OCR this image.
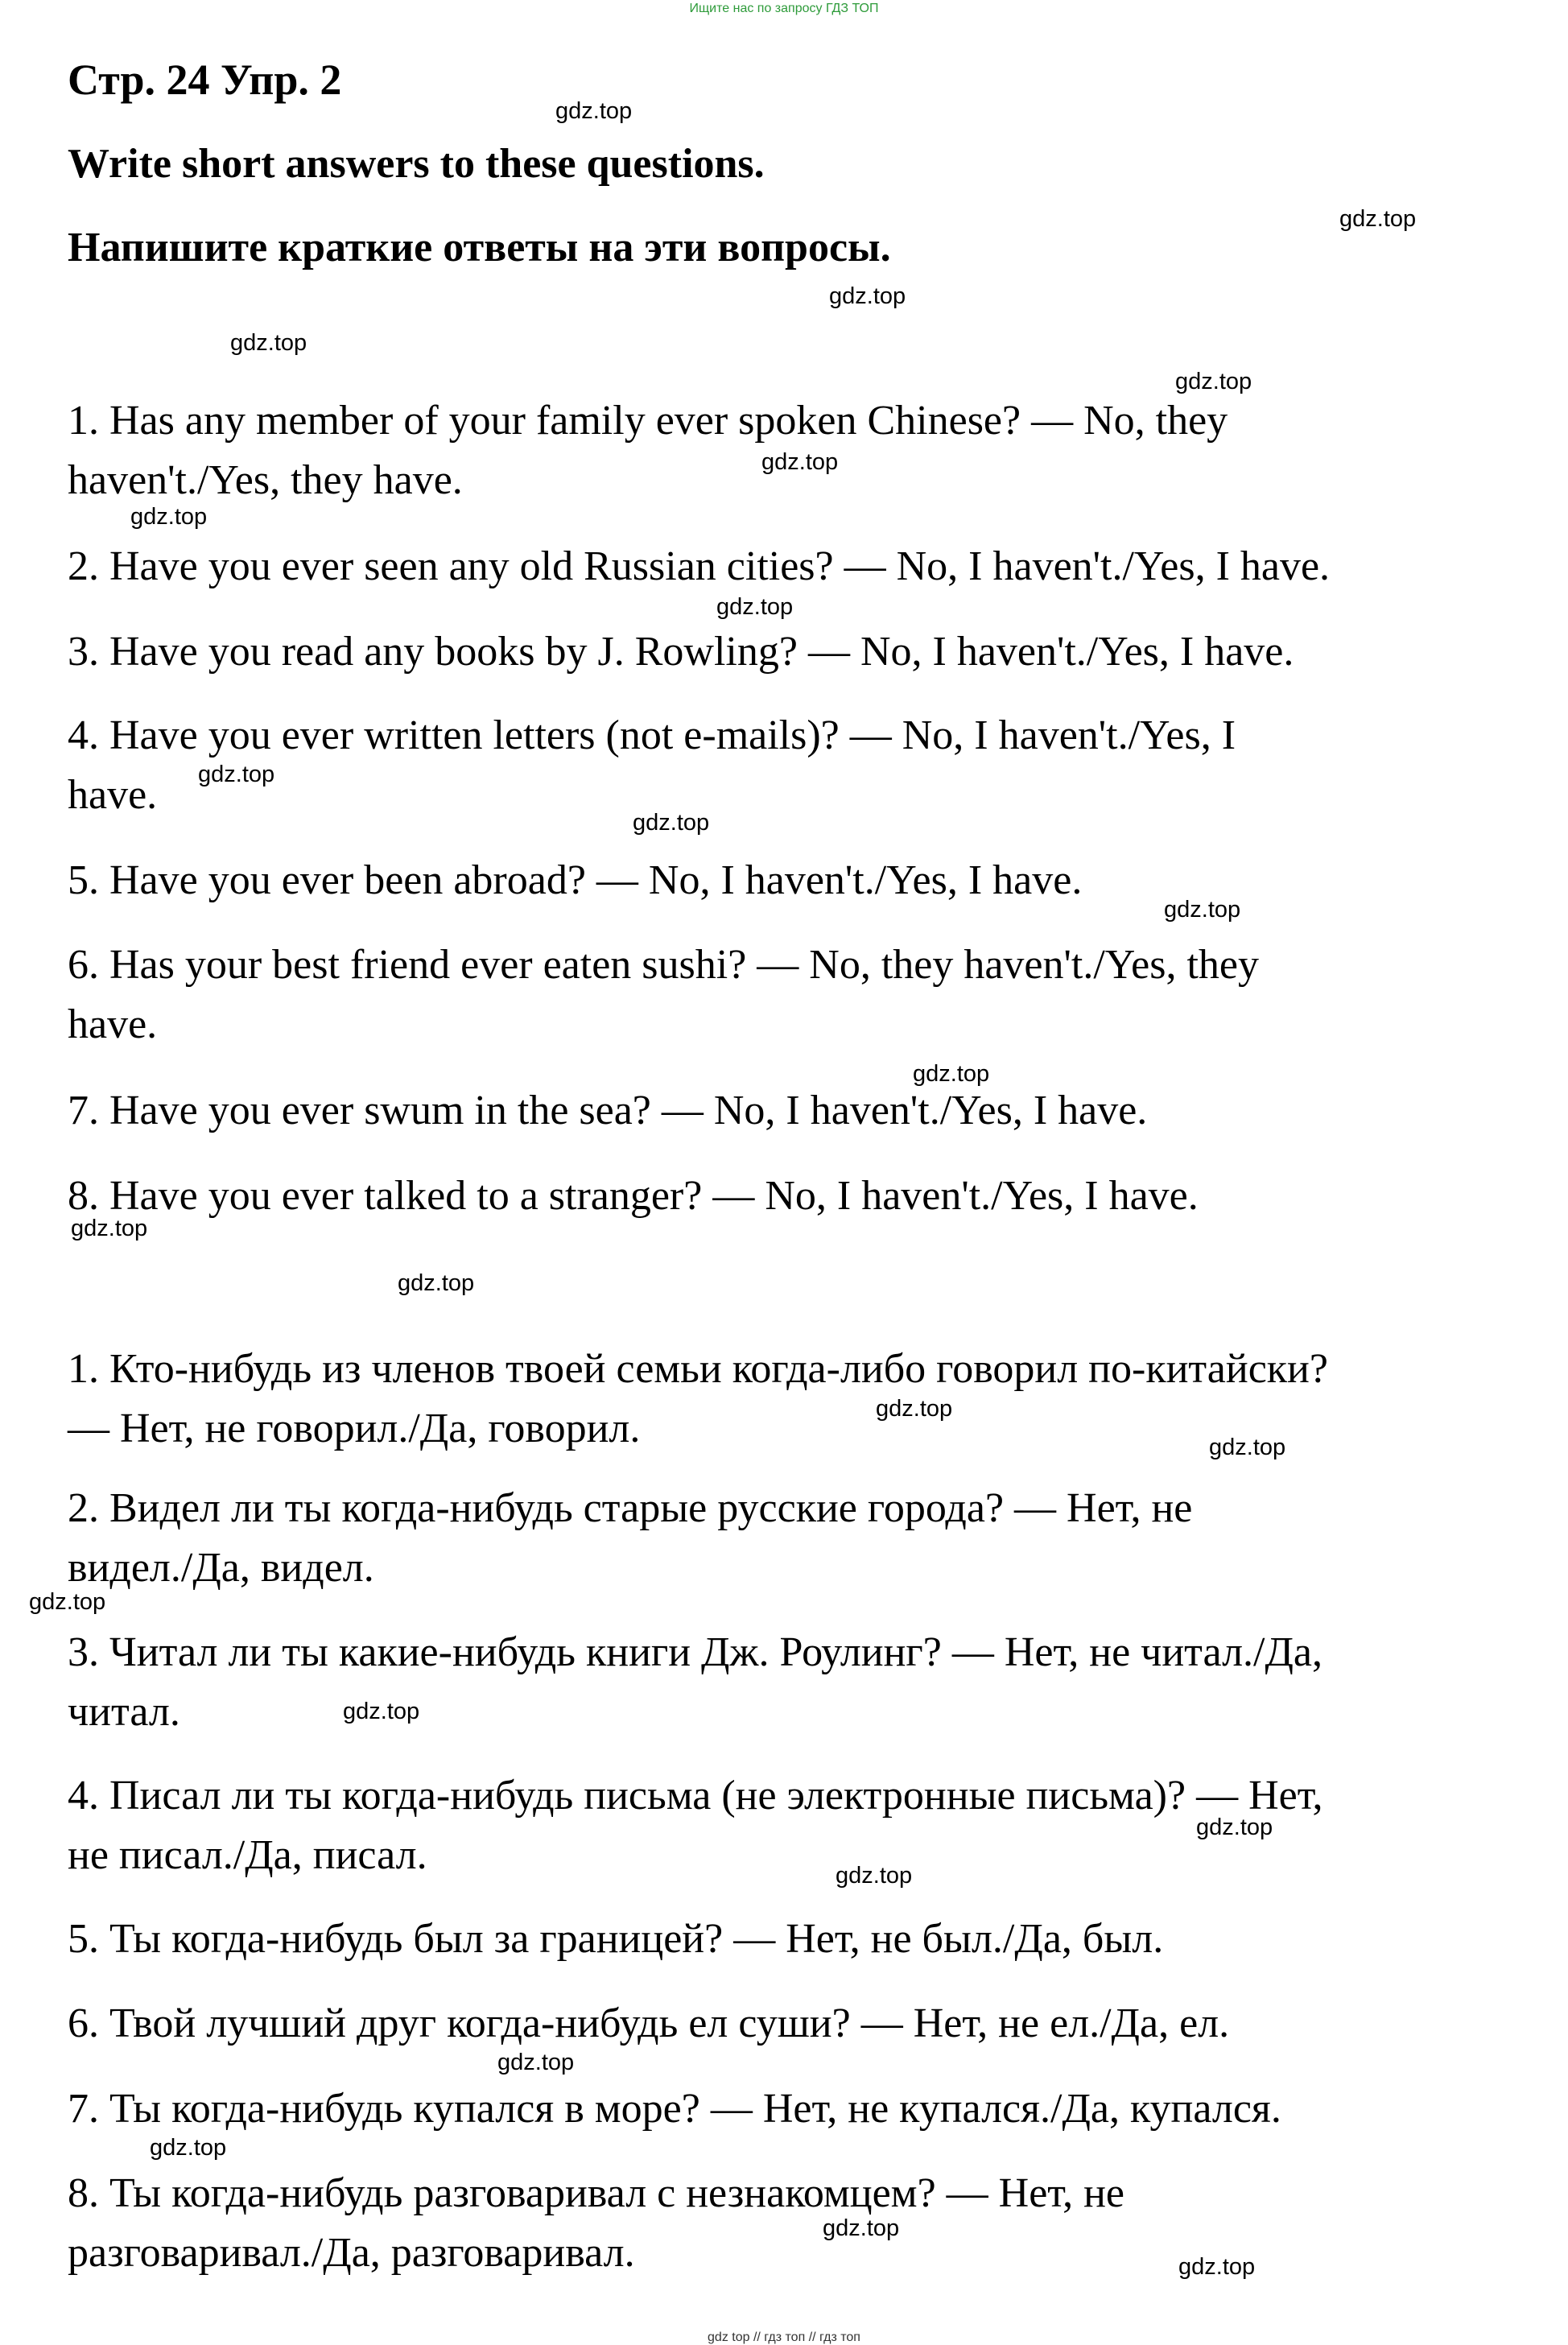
Ищите нас по запросу ГДЗ ТОП
Стр. 24 Упр. 2
Write short answers to these questions.
Напишите краткие ответы на эти вопросы.
1. Has any member of your family ever spoken Chinese? — No, they
haven't./Yes, they have.
2. Have you ever seen any old Russian cities? — No, I haven't./Yes, I have.
3. Have you read any books by J. Rowling? — No, I haven't./Yes, I have.
4. Have you ever written letters (not e-mails)? — No, I haven't./Yes, I
have.
5. Have you ever been abroad? — No, I haven't./Yes, I have.
6. Has your best friend ever eaten sushi? — No, they haven't./Yes, they
have.
7. Have you ever swum in the sea? — No, I haven't./Yes, I have.
8. Have you ever talked to a stranger? — No, I haven't./Yes, I have.
1. Кто-нибудь из членов твоей семьи когда-либо говорил по-китайски?
— Нет, не говорил./Да, говорил.
2. Видел ли ты когда-нибудь старые русские города? — Нет, не
видел./Да, видел.
3. Читал ли ты какие-нибудь книги Дж. Роулинг? — Нет, не читал./Да,
читал.
4. Писал ли ты когда-нибудь письма (не электронные письма)? — Нет,
не писал./Да, писал.
5. Ты когда-нибудь был за границей? — Нет, не был./Да, был.
6. Твой лучший друг когда-нибудь ел суши? — Нет, не ел./Да, ел.
7. Ты когда-нибудь купался в море? — Нет, не купался./Да, купался.
8. Ты когда-нибудь разговаривал с незнакомцем? — Нет, не
разговаривал./Да, разговаривал.
gdz.top
gdz.top
gdz.top
gdz.top
gdz.top
gdz.top
gdz.top
gdz.top
gdz.top
gdz.top
gdz.top
gdz.top
gdz.top
gdz.top
gdz.top
gdz.top
gdz.top
gdz.top
gdz.top
gdz.top
gdz.top
gdz.top
gdz.top
gdz.top
gdz top // гдз топ // гдз топ
